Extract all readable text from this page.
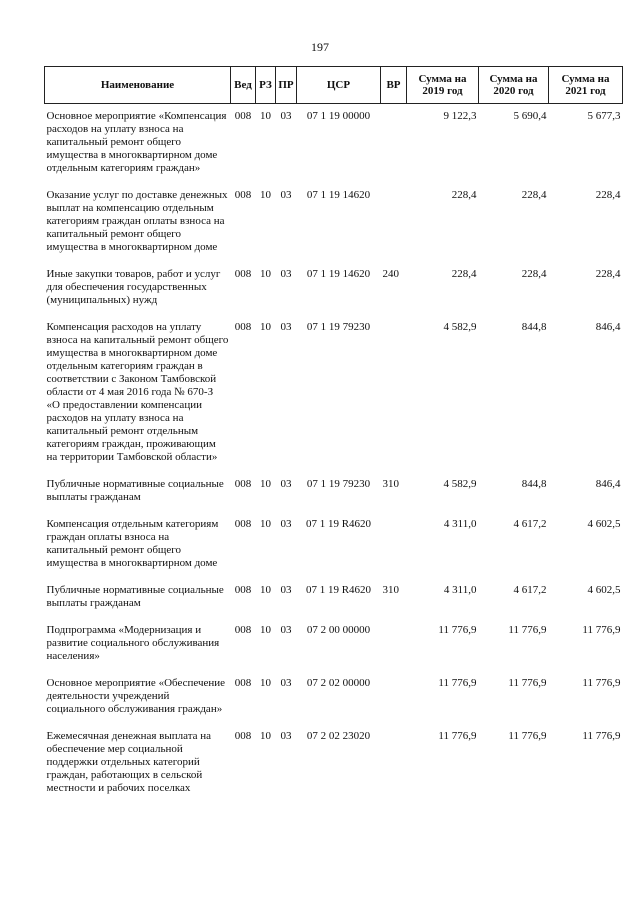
197
Наименование	Вед	РЗ	ПР	ЦСР	ВР	Сумма на 2019 год	Сумма на 2020 год	Сумма на 2021 год
Основное мероприятие «Компенсация расходов на уплату взноса на капитальный ремонт общего имущества в многоквартирном доме отдельным категориям граждан»	008	10	03	07 1 19 00000		9 122,3	5 690,4	5 677,3
Оказание услуг по доставке денежных выплат на компенсацию отдельным категориям граждан оплаты взноса на капитальный ремонт общего имущества в многоквартирном доме	008	10	03	07 1 19 14620		228,4	228,4	228,4
Иные закупки товаров, работ и услуг для обеспечения государственных (муниципальных) нужд	008	10	03	07 1 19 14620	240	228,4	228,4	228,4
Компенсация расходов на уплату взноса на капитальный ремонт общего имущества в многоквартирном доме отдельным категориям граждан в соответствии с Законом Тамбовской области от 4 мая 2016 года № 670-З «О предоставлении компенсации расходов на уплату взноса на капитальный ремонт отдельным категориям граждан, проживающим на территории Тамбовской области»	008	10	03	07 1 19 79230		4 582,9	844,8	846,4
Публичные нормативные социальные выплаты гражданам	008	10	03	07 1 19 79230	310	4 582,9	844,8	846,4
Компенсация отдельным категориям граждан оплаты взноса на капитальный ремонт общего имущества в многоквартирном доме	008	10	03	07 1 19 R4620		4 311,0	4 617,2	4 602,5
Публичные нормативные социальные выплаты гражданам	008	10	03	07 1 19 R4620	310	4 311,0	4 617,2	4 602,5
Подпрограмма «Модернизация и развитие социального обслуживания населения»	008	10	03	07 2 00 00000		11 776,9	11 776,9	11 776,9
Основное мероприятие «Обеспечение деятельности учреждений социального обслуживания граждан»	008	10	03	07 2 02 00000		11 776,9	11 776,9	11 776,9
Ежемесячная денежная выплата на обеспечение мер социальной поддержки отдельных категорий граждан, работающих в сельской местности и рабочих поселках	008	10	03	07 2 02 23020		11 776,9	11 776,9	11 776,9
